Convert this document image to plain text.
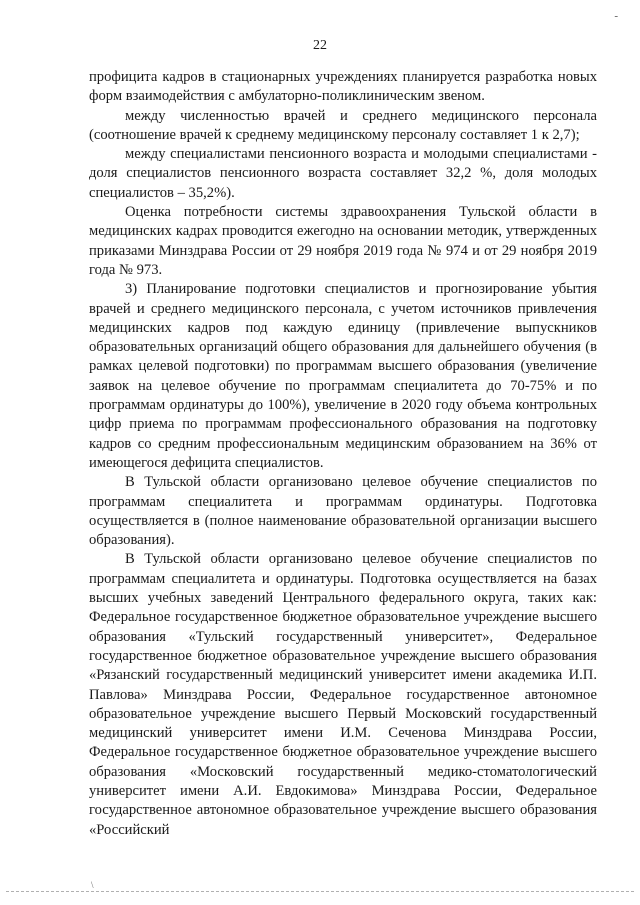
-
22

профицита кадров в стационарных учреждениях планируется разработка новых форм взаимодействия с амбулаторно-поликлиническим звеном.

между численностью врачей и среднего медицинского персонала (соотношение врачей к среднему медицинскому персоналу составляет 1 к 2,7);

между специалистами пенсионного возраста и молодыми специалистами - доля специалистов пенсионного возраста составляет 32,2 %, доля молодых специалистов – 35,2%).

Оценка потребности системы здравоохранения Тульской области в медицинских кадрах проводится ежегодно на основании методик, утвержденных приказами Минздрава России от 29 ноября 2019 года № 974 и от 29 ноября 2019 года № 973.

3) Планирование подготовки специалистов и прогнозирование убытия врачей и среднего медицинского персонала, с учетом источников привлечения медицинских кадров под каждую единицу (привлечение выпускников образовательных организаций общего образования для дальнейшего обучения (в рамках целевой подготовки) по программам высшего образования (увеличение заявок на целевое обучение по программам специалитета до 70-75% и по программам ординатуры до 100%), увеличение в 2020 году объема контрольных цифр приема по программам профессионального образования на подготовку кадров со средним профессиональным медицинским образованием на 36% от имеющегося дефицита специалистов.

В Тульской области организовано целевое обучение специалистов по программам специалитета и программам ординатуры. Подготовка осуществляется в (полное наименование образовательной организации высшего образования).

В Тульской области организовано целевое обучение специалистов по программам специалитета и ординатуры. Подготовка осуществляется на базах высших учебных заведений Центрального федерального округа, таких как: Федеральное государственное бюджетное образовательное учреждение высшего образования «Тульский государственный университет», Федеральное государственное бюджетное образовательное учреждение высшего образования «Рязанский государственный медицинский университет имени академика И.П. Павлова» Минздрава России, Федеральное государственное автономное образовательное учреждение высшего Первый Московский государственный медицинский университет имени И.М. Сеченова Минздрава России, Федеральное государственное бюджетное образовательное учреждение высшего образования «Московский государственный медико-стоматологический университет имени А.И. Евдокимова» Минздрава России, Федеральное государственное автономное образовательное учреждение высшего образования «Российский

\
